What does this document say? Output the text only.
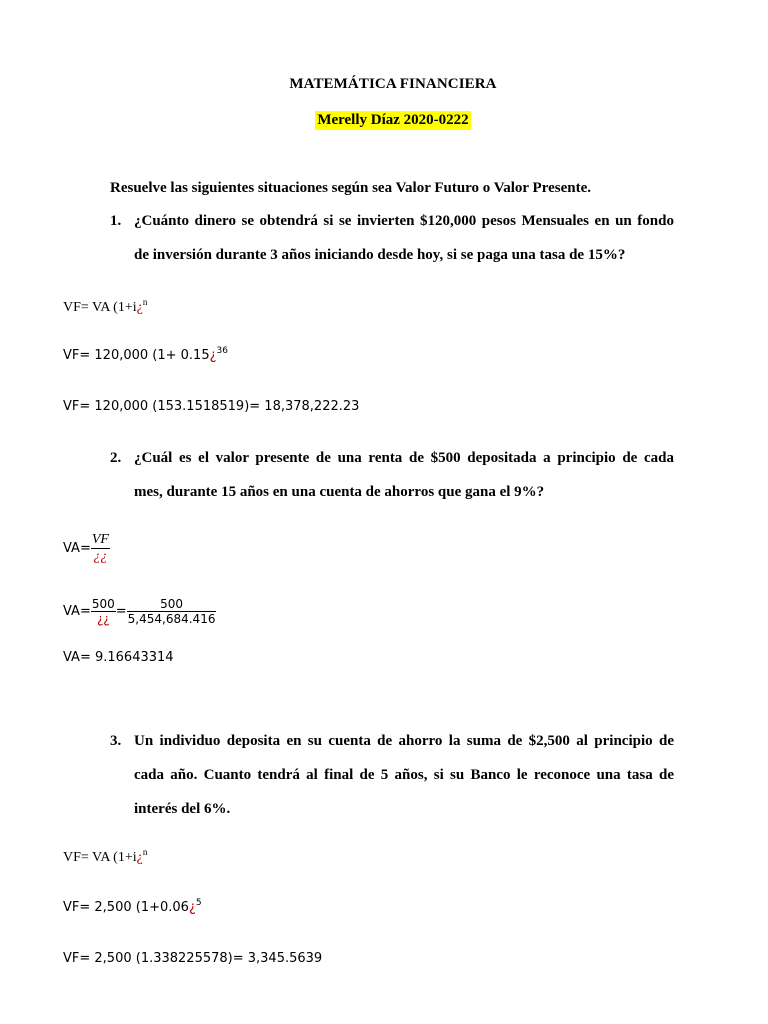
MATEMÁTICA FINANCIERA
Merelly Díaz 2020-0222
Resuelve las siguientes situaciones según sea Valor Futuro o Valor Presente.
1. ¿Cuánto dinero se obtendrá si se invierten $120,000 pesos Mensuales en un fondo
de inversión durante 3 años iniciando desde hoy, si se paga una tasa de 15%?
VF= VA (1+i¿$^n$
VF= 120,000 (1+ 0.15¿$^{36}$
VF= 120,000 (153.1518519)= 18,378,222.23
2. ¿Cuál es el valor presente de una renta de $500 depositada a principio de cada
mes, durante 15 años en una cuenta de ahorros que gana el 9%?
$VA= \frac{VF}{¿¿}$
$VA= \frac{500}{¿¿} = \frac{500}{5,454,684.416}$
VA= 9.16643314
3. Un individuo deposita en su cuenta de ahorro la suma de $2,500 al principio de
cada año. Cuanto tendrá al final de 5 años, si su Banco le reconoce una tasa de
interés del 6%.
VF= VA (1+i¿$^n$
VF= 2,500 (1+0.06¿$^5$
VF= 2,500 (1.338225578)= 3,345.5639
